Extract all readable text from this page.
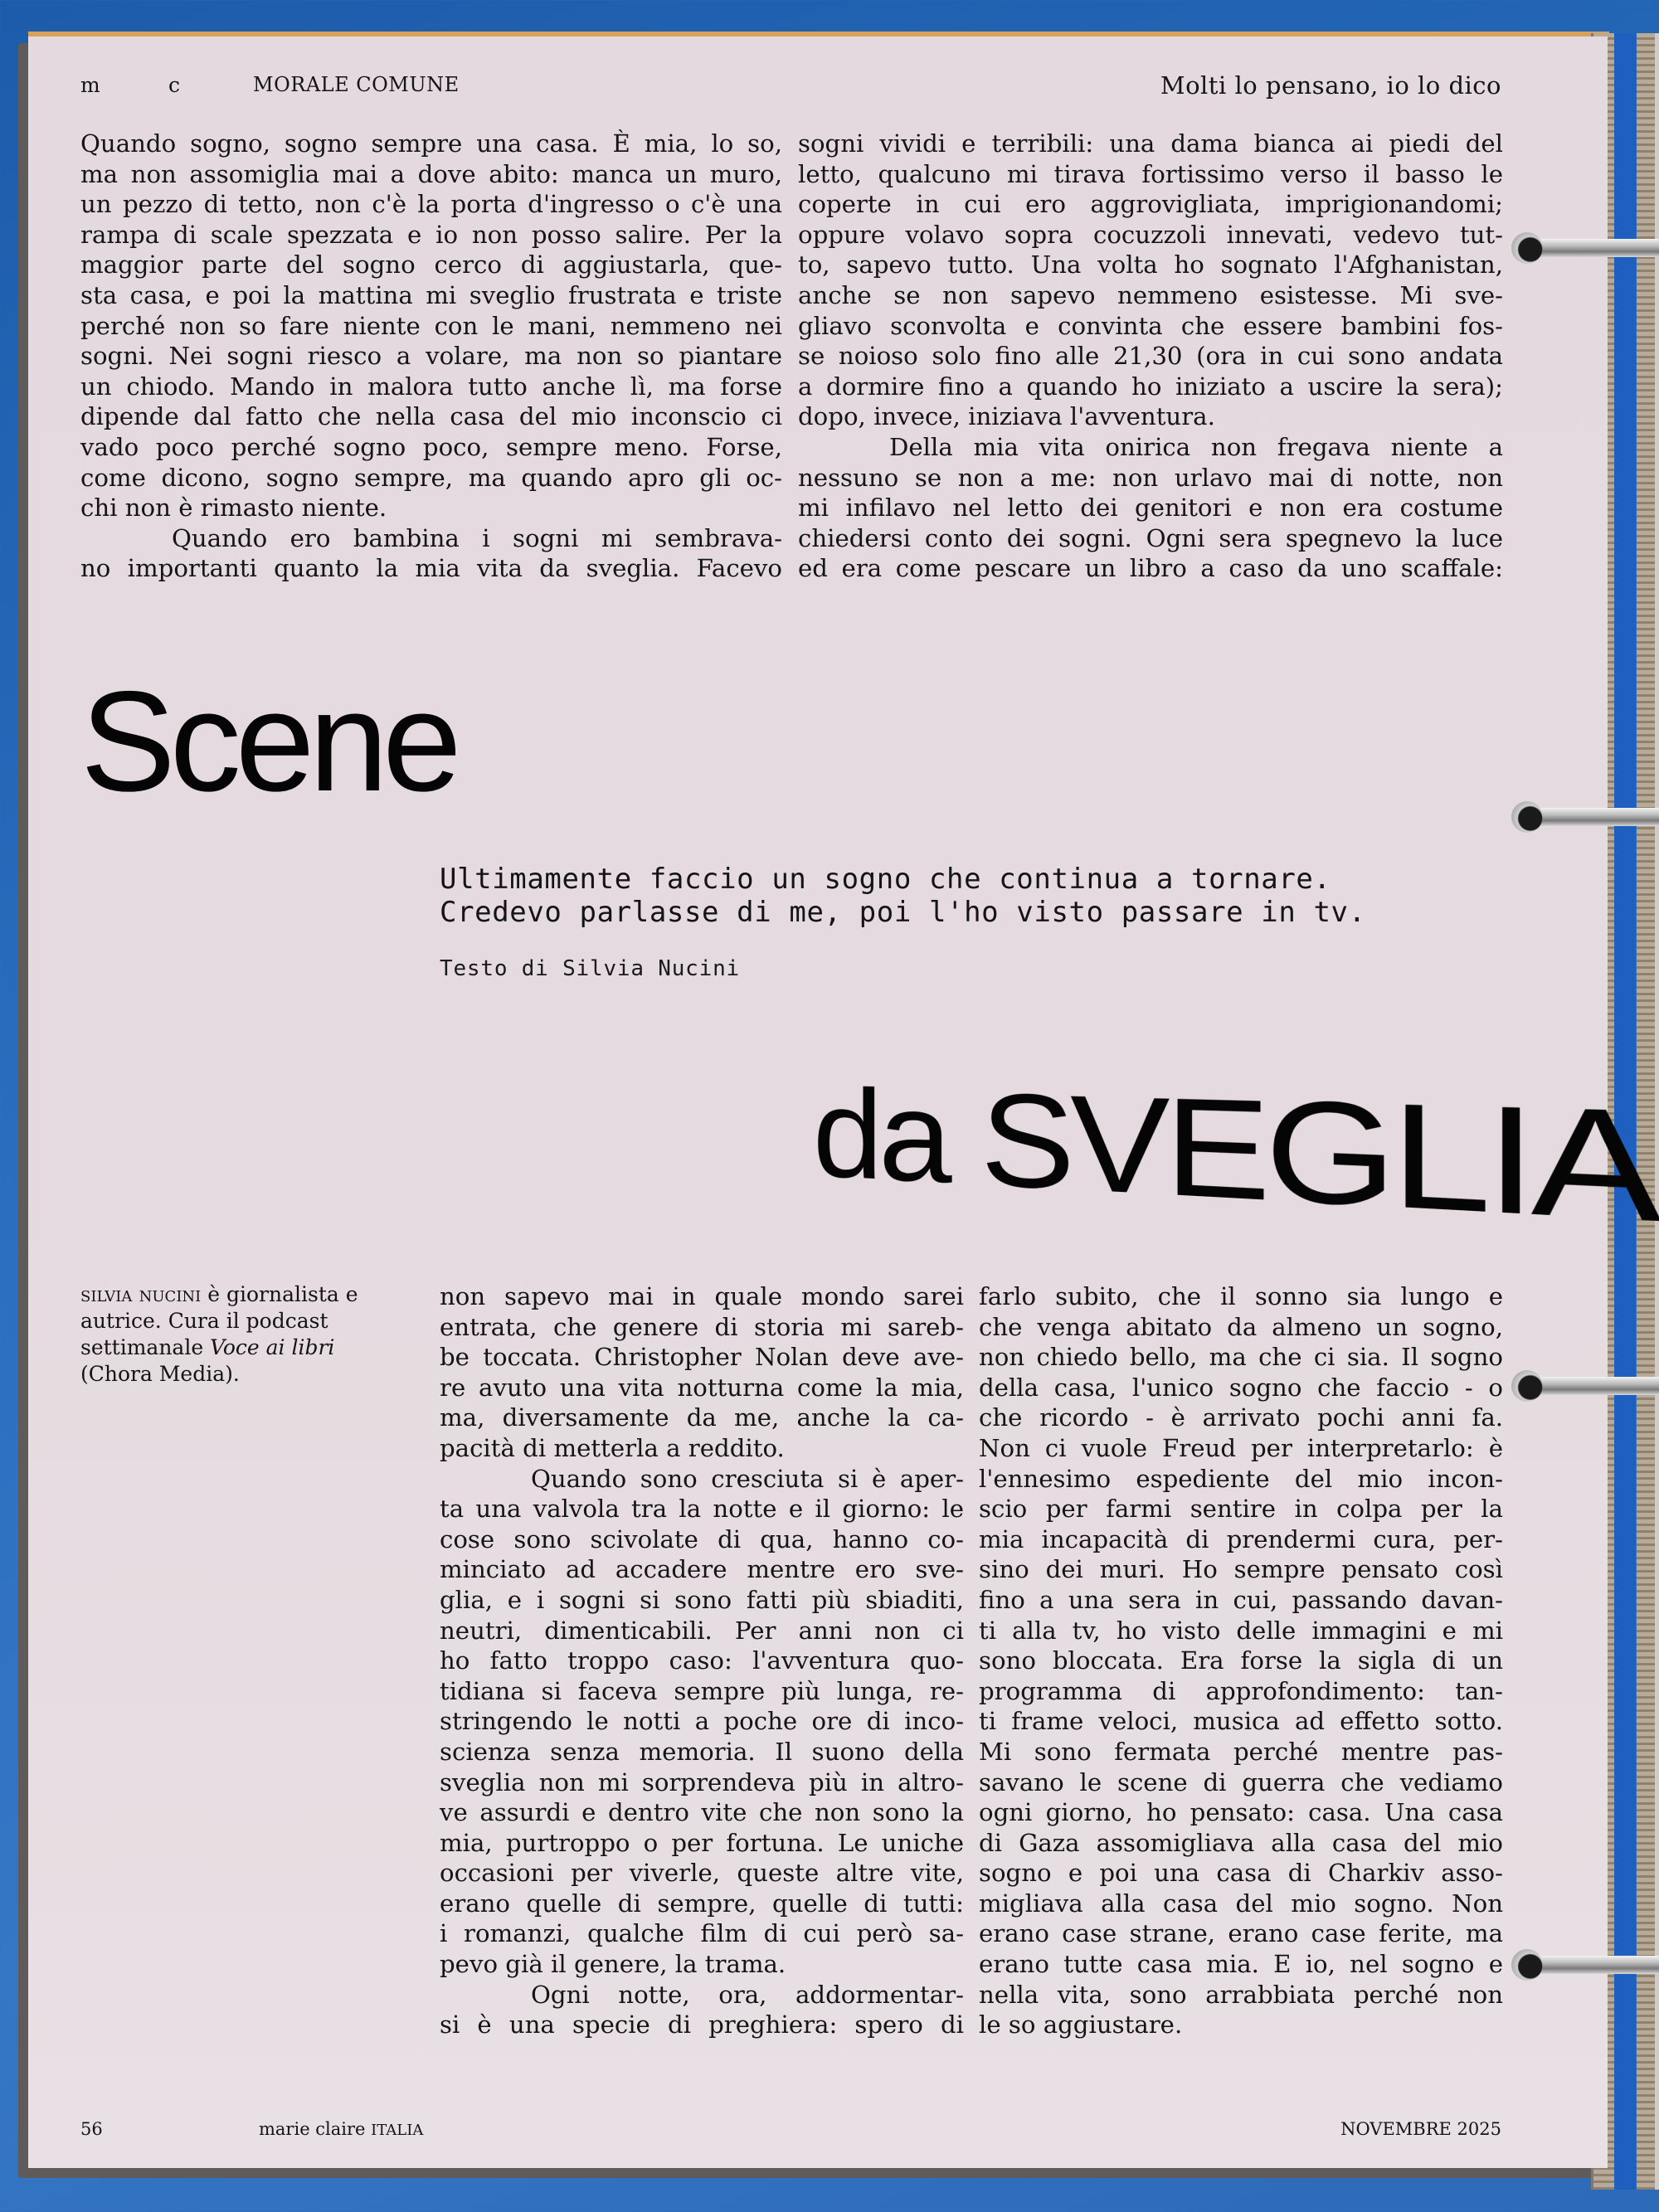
m	c	MORALE COMUNE	Molti lo pensano, io lo dico
Quando sogno, sogno sempre una casa. È mia, lo so,
ma non assomiglia mai a dove abito: manca un muro,
un pezzo di tetto, non c'è la porta d'ingresso o c'è una
rampa di scale spezzata e io non posso salire. Per la
maggior parte del sogno cerco di aggiustarla, que-
sta casa, e poi la mattina mi sveglio frustrata e triste
perché non so fare niente con le mani, nemmeno nei
sogni. Nei sogni riesco a volare, ma non so piantare
un chiodo. Mando in malora tutto anche lì, ma forse
dipende dal fatto che nella casa del mio inconscio ci
vado poco perché sogno poco, sempre meno. Forse,
come dicono, sogno sempre, ma quando apro gli oc-
chi non è rimasto niente.
Quando ero bambina i sogni mi sembrava-
no importanti quanto la mia vita da sveglia. Facevo
sogni vividi e terribili: una dama bianca ai piedi del
letto, qualcuno mi tirava fortissimo verso il basso le
coperte in cui ero aggrovigliata, imprigionandomi;
oppure volavo sopra cocuzzoli innevati, vedevo tut-
to, sapevo tutto. Una volta ho sognato l'Afghanistan,
anche se non sapevo nemmeno esistesse. Mi sve-
gliavo sconvolta e convinta che essere bambini fos-
se noioso solo fino alle 21,30 (ora in cui sono andata
a dormire fino a quando ho iniziato a uscire la sera);
dopo, invece, iniziava l'avventura.
Della mia vita onirica non fregava niente a
nessuno se non a me: non urlavo mai di notte, non
mi infilavo nel letto dei genitori e non era costume
chiedersi conto dei sogni. Ogni sera spegnevo la luce
ed era come pescare un libro a caso da uno scaffale:
Scene
Ultimamente faccio un sogno che continua a tornare.
Credevo parlasse di me, poi l'ho visto passare in tv.
Testo di Silvia Nucini
da SVEGLIA
silvia nucini è giornalista e autrice. Cura il podcast settimanale Voce ai libri (Chora Media).
non sapevo mai in quale mondo sarei
entrata, che genere di storia mi sareb-
be toccata. Christopher Nolan deve ave-
re avuto una vita notturna come la mia,
ma, diversamente da me, anche la ca-
pacità di metterla a reddito.
Quando sono cresciuta si è aper-
ta una valvola tra la notte e il giorno: le
cose sono scivolate di qua, hanno co-
minciato ad accadere mentre ero sve-
glia, e i sogni si sono fatti più sbiaditi,
neutri, dimenticabili. Per anni non ci
ho fatto troppo caso: l'avventura quo-
tidiana si faceva sempre più lunga, re-
stringendo le notti a poche ore di inco-
scienza senza memoria. Il suono della
sveglia non mi sorprendeva più in altro-
ve assurdi e dentro vite che non sono la
mia, purtroppo o per fortuna. Le uniche
occasioni per viverle, queste altre vite,
erano quelle di sempre, quelle di tutti:
i romanzi, qualche film di cui però sa-
pevo già il genere, la trama.
Ogni notte, ora, addormentar-
si è una specie di preghiera: spero di
farlo subito, che il sonno sia lungo e
che venga abitato da almeno un sogno,
non chiedo bello, ma che ci sia. Il sogno
della casa, l'unico sogno che faccio - o
che ricordo - è arrivato pochi anni fa.
Non ci vuole Freud per interpretarlo: è
l'ennesimo espediente del mio incon-
scio per farmi sentire in colpa per la
mia incapacità di prendermi cura, per-
sino dei muri. Ho sempre pensato così
fino a una sera in cui, passando davan-
ti alla tv, ho visto delle immagini e mi
sono bloccata. Era forse la sigla di un
programma di approfondimento: tan-
ti frame veloci, musica ad effetto sotto.
Mi sono fermata perché mentre pas-
savano le scene di guerra che vediamo
ogni giorno, ho pensato: casa. Una casa
di Gaza assomigliava alla casa del mio
sogno e poi una casa di Charkiv asso-
migliava alla casa del mio sogno. Non
erano case strane, erano case ferite, ma
erano tutte casa mia. E io, nel sogno e
nella vita, sono arrabbiata perché non
le so aggiustare.
56	marie claire ITALIA	NOVEMBRE 2025
